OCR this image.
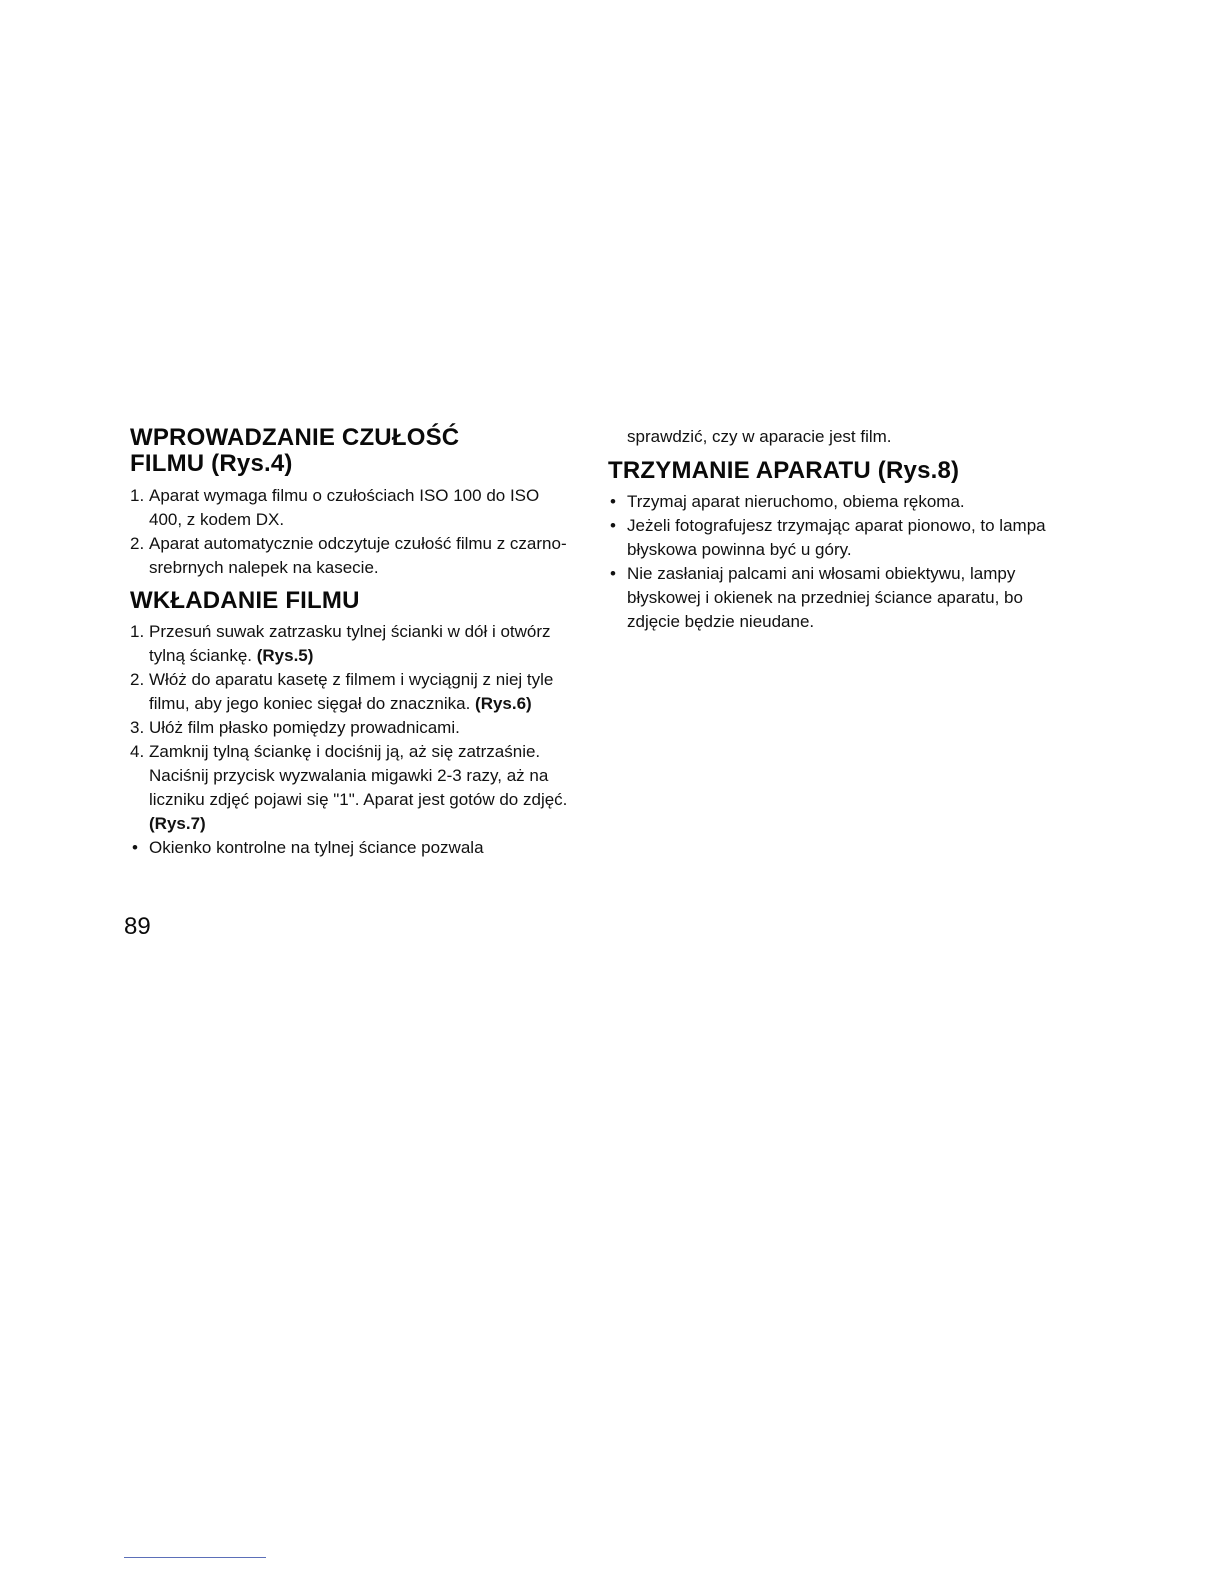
WPROWADZANIE CZUŁOŚĆ
FILMU (Rys.4)
1. Aparat wymaga filmu o czułościach ISO 100 do ISO 400, z kodem DX.
2. Aparat automatycznie odczytuje czułość filmu z czarno-srebrnych nalepek na kasecie.
WKŁADANIE FILMU
1. Przesuń suwak zatrzasku tylnej ścianki w dół i otwórz tylną ściankę. (Rys.5)
2. Włóż do aparatu kasetę z filmem i wyciągnij z niej tyle filmu, aby jego koniec sięgał do znacznika. (Rys.6)
3. Ułóż film płasko pomiędzy prowadnicami.
4. Zamknij tylną ściankę i dociśnij ją, aż się zatrzaśnie. Naciśnij przycisk wyzwalania migawki 2-3 razy, aż na liczniku zdjęć pojawi się "1". Aparat jest gotów do zdjęć. (Rys.7)
• Okienko kontrolne na tylnej ściance pozwala

sprawdzić, czy w aparacie jest film.

TRZYMANIE APARATU (Rys.8)
• Trzymaj aparat nieruchomo, obiema rękoma.
• Jeżeli fotografujesz trzymając aparat pionowo, to lampa błyskowa powinna być u góry.
• Nie zasłaniaj palcami ani włosami obiektywu, lampy błyskowej i okienek na przedniej ściance aparatu, bo zdjęcie będzie nieudane.
89
